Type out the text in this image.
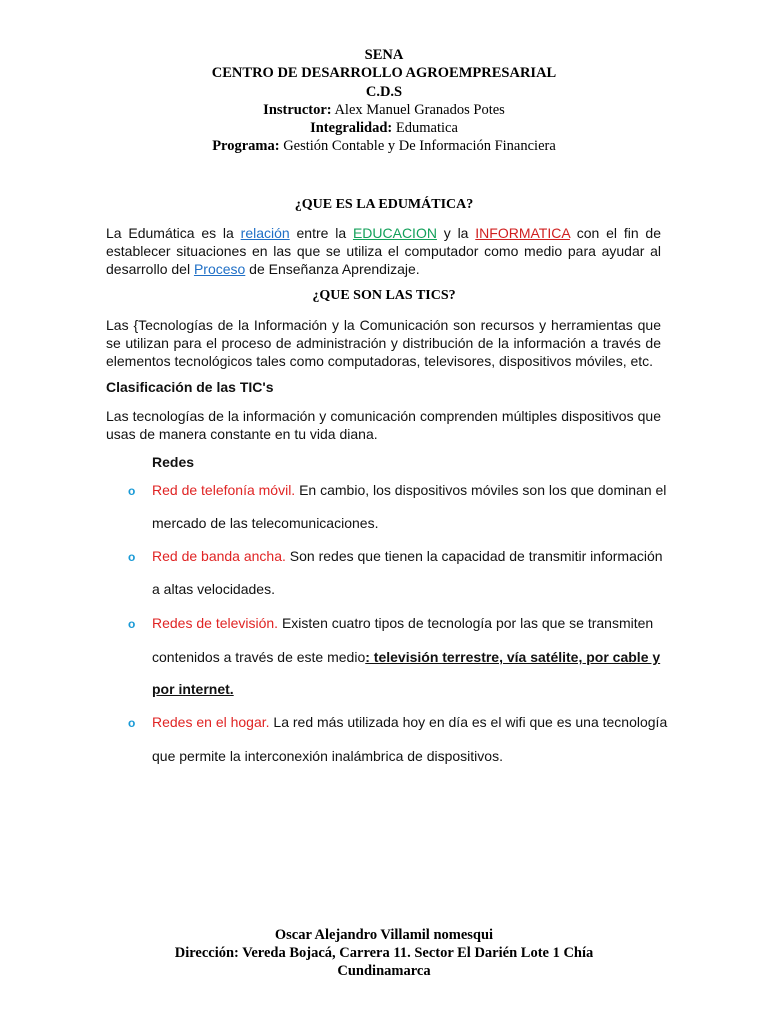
SENA
CENTRO DE DESARROLLO AGROEMPRESARIAL
C.D.S
Instructor: Alex Manuel Granados Potes
Integralidad: Edumatica
Programa: Gestión Contable y De Información Financiera
¿QUE ES LA EDUMÁTICA?
La Edumática es la relación entre la EDUCACION y la INFORMATICA con el fin de establecer situaciones en las que se utiliza el computador como medio para ayudar al desarrollo del Proceso de Enseñanza Aprendizaje.
¿QUE SON LAS TICS?
Las {Tecnologías de la Información y la Comunicación son recursos y herramientas que se utilizan para el proceso de administración y distribución de la información a través de elementos tecnológicos tales como computadoras, televisores, dispositivos móviles, etc.
Clasificación de las TIC's
Las tecnologías de la información y comunicación comprenden múltiples dispositivos que usas de manera constante en tu vida diana.
Redes
o Red de telefonía móvil. En cambio, los dispositivos móviles son los que dominan el
mercado de las telecomunicaciones.
o Red de banda ancha. Son redes que tienen la capacidad de transmitir información
a altas velocidades.
o Redes de televisión. Existen cuatro tipos de tecnología por las que se transmiten
contenidos a través de este medio: televisión terrestre, vía satélite, por cable y
por internet.
o Redes en el hogar. La red más utilizada hoy en día es el wifi que es una tecnología
que permite la interconexión inalámbrica de dispositivos.
Oscar Alejandro Villamil nomesqui
Dirección: Vereda Bojacá, Carrera 11. Sector El Darién Lote 1 Chía
Cundinamarca
